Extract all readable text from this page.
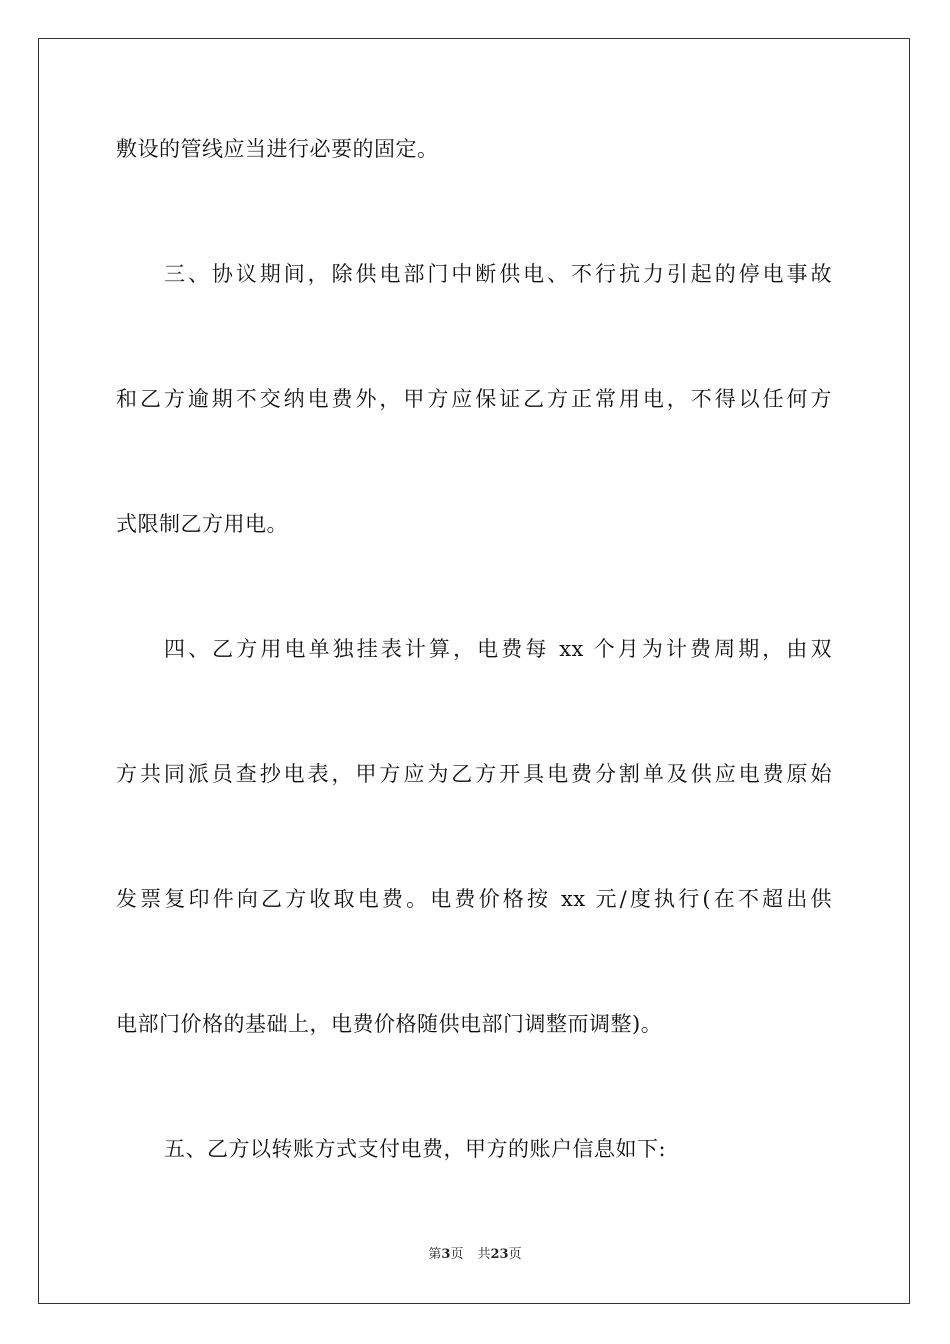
敷设的管线应当进行必要的固定。
三、协议期间，除供电部门中断供电、不行抗力引起的停电事故
和乙方逾期不交纳电费外，甲方应保证乙方正常用电，不得以任何方
式限制乙方用电。
四、乙方用电单独挂表计算，电费每 xx 个月为计费周期，由双
方共同派员查抄电表，甲方应为乙方开具电费分割单及供应电费原始
发票复印件向乙方收取电费。电费价格按 xx 元/度执行(在不超出供
电部门价格的基础上，电费价格随供电部门调整而调整)。
五、乙方以转账方式支付电费，甲方的账户信息如下:
第3页 共23页
